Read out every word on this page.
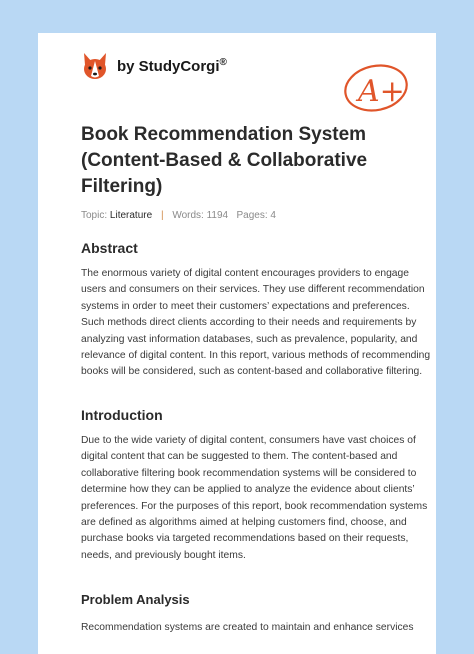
by StudyCorgi®
A+
Book Recommendation System (Content-Based & Collaborative Filtering)
Topic: Literature | Words: 1194 Pages: 4
Abstract
The enormous variety of digital content encourages providers to engage users and consumers on their services. They use different recommendation systems in order to meet their customers’ expectations and preferences. Such methods direct clients according to their needs and requirements by analyzing vast information databases, such as prevalence, popularity, and relevance of digital content. In this report, various methods of recommending books will be considered, such as content-based and collaborative filtering.
Introduction
Due to the wide variety of digital content, consumers have vast choices of digital content that can be suggested to them. The content-based and collaborative filtering book recommendation systems will be considered to determine how they can be applied to analyze the evidence about clients’ preferences. For the purposes of this report, book recommendation systems are defined as algorithms aimed at helping customers find, choose, and purchase books via targeted recommendations based on their requests, needs, and previously bought items.
Problem Analysis
Recommendation systems are created to maintain and enhance services
